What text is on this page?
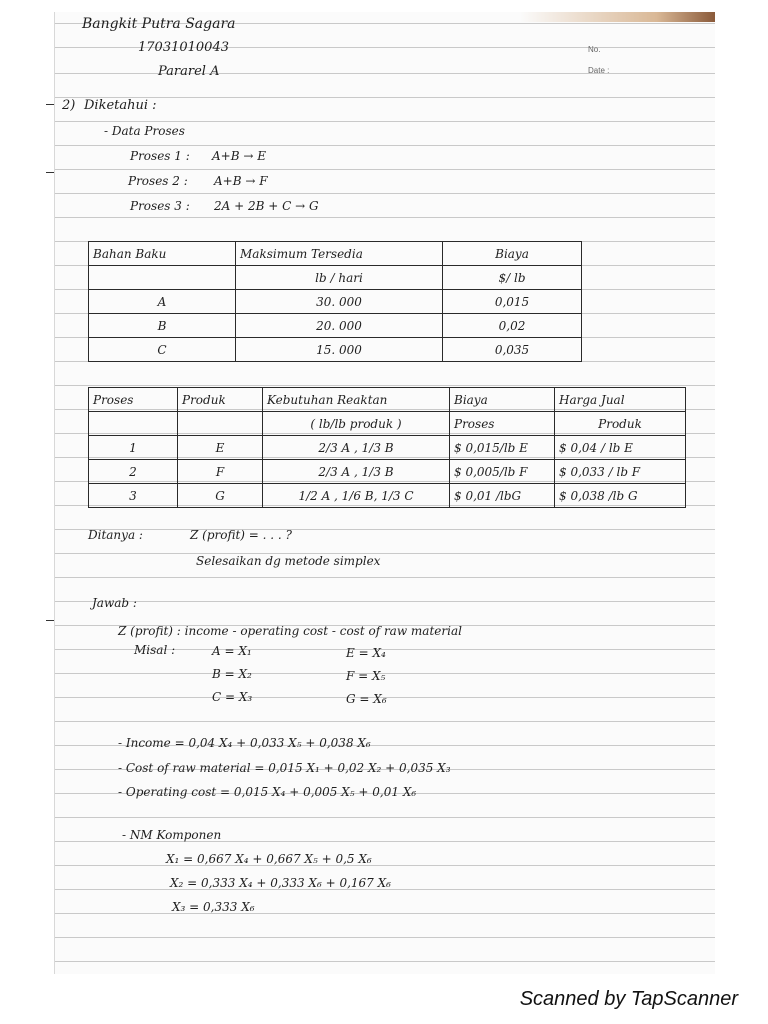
Bangkit Putra Sagara
17031010043
Pararel A
No.
Date :
2) Diketahui :
- Data Proses
Proses 1 : A+B → E
Proses 2 : A+B → F
Proses 3 : 2A + 2B + C → G
Bahan Baku	Maksimum Tersedia	Biaya
	lb / hari	$/ lb
A	30. 000	0,015
B	20. 000	0,02
C	15. 000	0,035
Proses	Produk	Kebutuhan Reaktan	Biaya	Harga Jual
		( lb/lb produk )	Proses	Produk
1	E	2/3 A , 1/3 B	$ 0,015/lb E	$ 0,04 / lb E
2	F	2/3 A , 1/3 B	$ 0,005/lb F	$ 0,033 / lb F
3	G	1/2 A , 1/6 B, 1/3 C	$ 0,01 /lbG	$ 0,038 /lb G
Ditanya :	Z (profit) = . . . ?
Selesaikan dg metode simplex
Jawab :
Z (profit) : income - operating cost - cost of raw material
Misal :	A = X₁
B = X₂
C = X₃
E = X₄
F = X₅
G = X₆
- Income = 0,04 X₄ + 0,033 X₅ + 0,038 X₆
- Cost of raw material = 0,015 X₁ + 0,02 X₂ + 0,035 X₃
- Operating cost = 0,015 X₄ + 0,005 X₅ + 0,01 X₆
- NM Komponen
X₁ = 0,667 X₄ + 0,667 X₅ + 0,5 X₆
X₂ = 0,333 X₄ + 0,333 X₆ + 0,167 X₆
X₃ = 0,333 X₆
Scanned by TapScanner
